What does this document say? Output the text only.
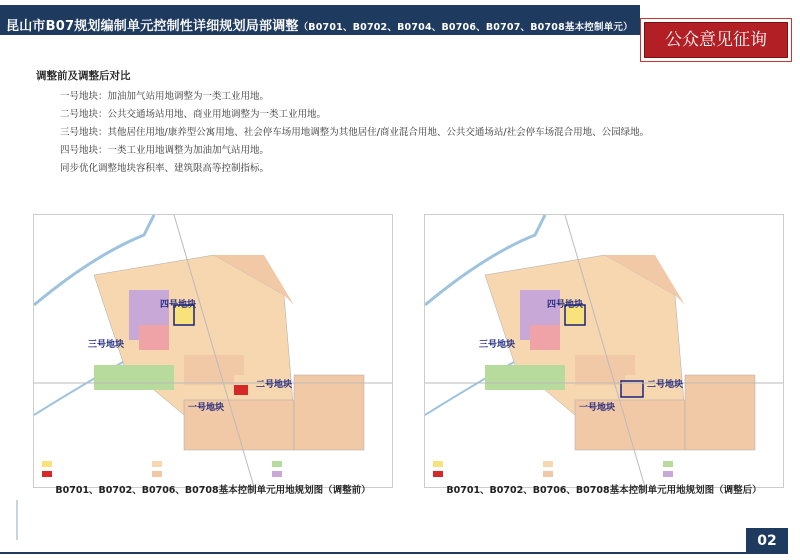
昆山市B07规划编制单元控制性详细规划局部调整（B0701、B0702、B0704、B0706、B0707、B0708基本控制单元）
公众意见征询
调整前及调整后对比
一号地块：加油加气站用地调整为一类工业用地。
二号地块：公共交通场站用地、商业用地调整为一类工业用地。
三号地块：其他居住用地/康养型公寓用地、社会停车场用地调整为其他居住/商业混合用地、公共交通场站/社会停车场混合用地、公园绿地。
四号地块：一类工业用地调整为加油加气站用地。
同步优化调整地块容积率、建筑限高等控制指标。
四号地块
三号地块
二号地块
一号地块
B0701、B0702、B0706、B0708基本控制单元用地规划图（调整前）
四号地块
三号地块
二号地块
一号地块
B0701、B0702、B0706、B0708基本控制单元用地规划图（调整后）
02
